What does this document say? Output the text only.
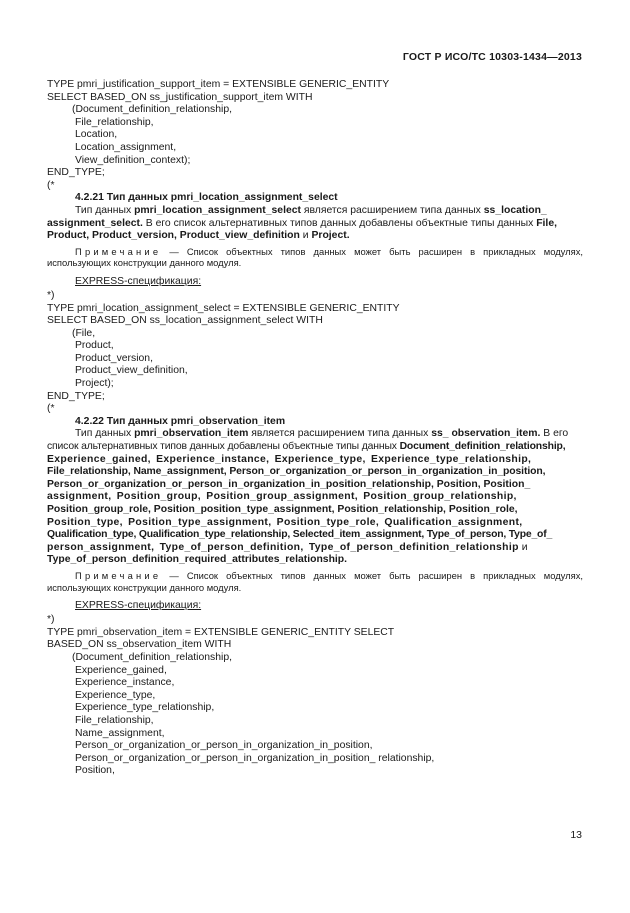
ГОСТ Р ИСО/ТС 10303-1434—2013
TYPE pmri_justification_support_item = EXTENSIBLE GENERIC_ENTITY
SELECT BASED_ON ss_justification_support_item WITH
(Document_definition_relationship,
File_relationship,
Location,
Location_assignment,
View_definition_context);
END_TYPE;
(*
4.2.21 Тип данных pmri_location_assignment_select
Тип данных pmri_location_assignment_select является расширением типа данных ss_location_
assignment_select. В его список альтернативных типов данных добавлены объектные типы данных File,
Product, Product_version, Product_view_definition и Project.
Примечание — Список объектных типов данных может быть расширен в прикладных модулях, использующих конструкции данного модуля.
EXPRESS-спецификация:
*)
TYPE pmri_location_assignment_select = EXTENSIBLE GENERIC_ENTITY
SELECT BASED_ON ss_location_assignment_select WITH
(File,
Product,
Product_version,
Product_view_definition,
Project);
END_TYPE;
(*
4.2.22 Тип данных pmri_observation_item
Тип данных pmri_observation_item является расширением типа данных ss_ observation_item. В его
список альтернативных типов данных добавлены объектные типы данных Document_definition_relationship,
Experience_gained, Experience_instance, Experience_type, Experience_type_relationship,
File_relationship, Name_assignment, Person_or_organization_or_person_in_organization_in_position,
Person_or_organization_or_person_in_organization_in_position_relationship, Position, Position_
assignment, Position_group, Position_group_assignment, Position_group_relationship,
Position_group_role, Position_position_type_assignment, Position_relationship, Position_role,
Position_type, Position_type_assignment, Position_type_role, Qualification_assignment,
Qualification_type, Qualification_type_relationship, Selected_item_assignment, Type_of_person, Type_of_
person_assignment, Type_of_person_definition, Type_of_person_definition_relationship и
Type_of_person_definition_required_attributes_relationship.
Примечание — Список объектных типов данных может быть расширен в прикладных модулях, использующих конструкции данного модуля.
EXPRESS-спецификация:
*)
TYPE pmri_observation_item = EXTENSIBLE GENERIC_ENTITY SELECT
BASED_ON ss_observation_item WITH
(Document_definition_relationship,
Experience_gained,
Experience_instance,
Experience_type,
Experience_type_relationship,
File_relationship,
Name_assignment,
Person_or_organization_or_person_in_organization_in_position,
Person_or_organization_or_person_in_organization_in_position_ relationship,
Position,
13
